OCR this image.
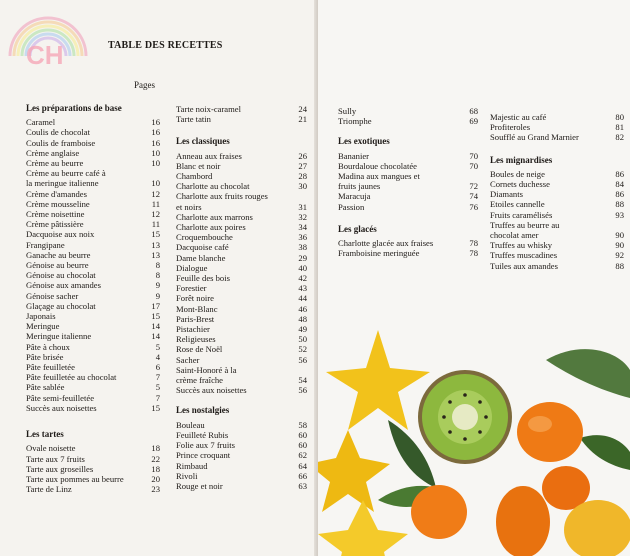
CH	TABLE DES RECETTES
Pages
Les préparations de base
Caramel	16
Coulis de chocolat	16
Coulis de framboise	16
Crème anglaise	10
Crème au beurre	10
Crème au beurre café à
la meringue italienne	10
Crème d'amandes	12
Crème mousseline	11
Crème noisettine	12
Crème pâtissière	11
Dacquoise aux noix	15
Frangipane	13
Ganache au beurre	13
Génoise au beurre	8
Génoise au chocolat	8
Génoise aux amandes	9
Génoise sacher	9
Glaçage au chocolat	17
Japonais	15
Meringue	14
Meringue italienne	14
Pâte à choux	5
Pâte brisée	4
Pâte feuilletée	6
Pâte feuilletée au chocolat	7
Pâte sablée	5
Pâte semi-feuilletée	7
Succès aux noisettes	15
Les tartes
Ovale noisette	18
Tarte aux 7 fruits	22
Tarte aux groseilles	18
Tarte aux pommes au beurre	20
Tarte de Linz	23
Tarte noix-caramel	24
Tarte tatin	21
Les classiques
Anneau aux fraises	26
Blanc et noir	27
Chambord	28
Charlotte au chocolat	30
Charlotte aux fruits rouges
et noirs	31
Charlotte aux marrons	32
Charlotte aux poires	34
Croquembouche	36
Dacquoise café	38
Dame blanche	29
Dialogue	40
Feuille des bois	42
Forestier	43
Forêt noire	44
Mont-Blanc	46
Paris-Brest	48
Pistachier	49
Religieuses	50
Rose de Noël	52
Sacher	56
Saint-Honoré à la
crème fraîche	54
Succès aux noisettes	56
Les nostalgies
Bouleau	58
Feuilleté Rubis	60
Folie aux 7 fruits	60
Prince croquant	62
Rimbaud	64
Rivoli	66
Rouge et noir	63
Sully	68
Triomphe	69
Les exotiques
Bananier	70
Bourdaloue chocolatée	70
Madina aux mangues et
fruits jaunes	72
Maracuja	74
Passion	76
Les glacés
Charlotte glacée aux fraises	78
Framboisine meringuée	78
Majestic au café	80
Profiteroles	81
Soufflé au Grand Marnier	82
Les mignardises
Boules de neige	86
Cornets duchesse	84
Diamants	86
Etoiles cannelle	88
Fruits caramélisés	93
Truffes au beurre au
chocolat amer	90
Truffes au whisky	90
Truffes muscadines	92
Tuiles aux amandes	88
